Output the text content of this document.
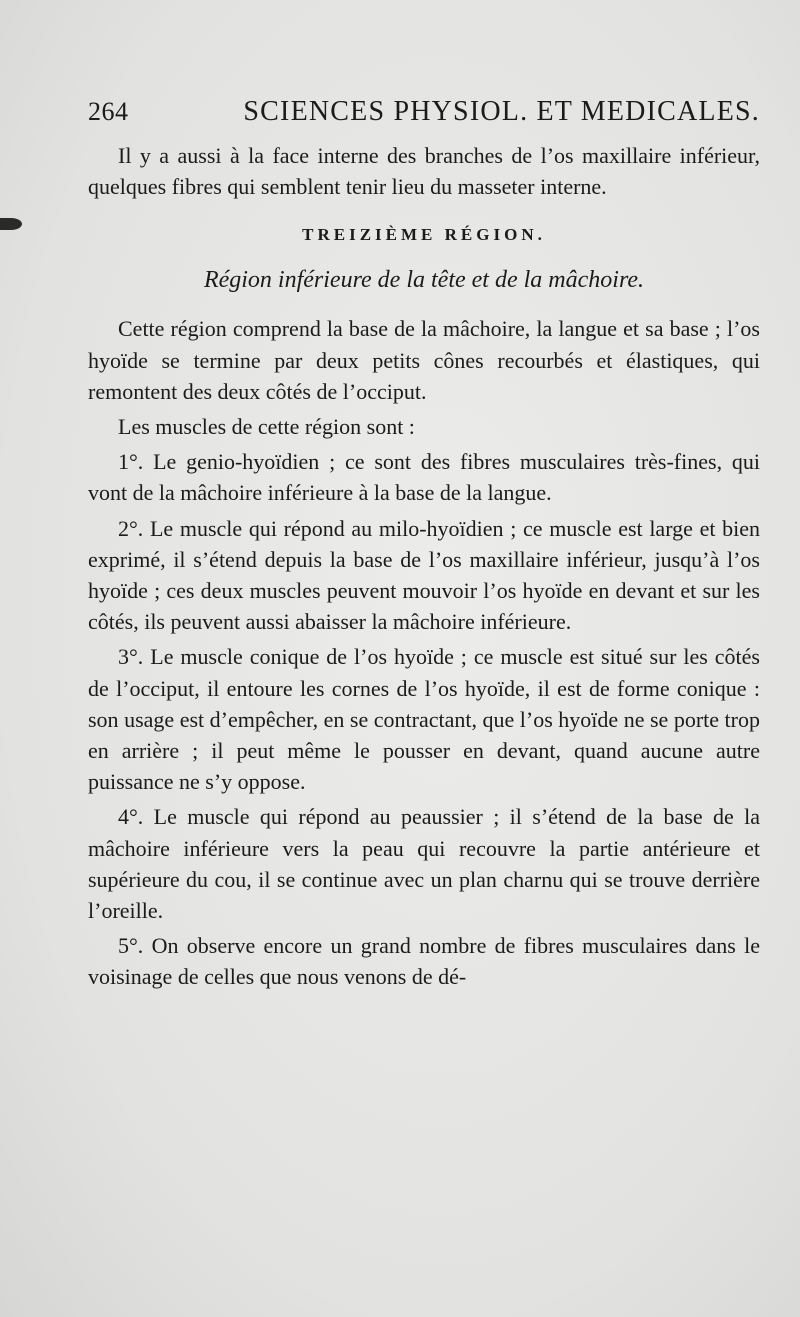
264	SCIENCES PHYSIOL. ET MEDICALES.

Il y a aussi à la face interne des branches de l’os maxillaire inférieur, quelques fibres qui semblent tenir lieu du masseter interne.

TREIZIÈME RÉGION.
Région inférieure de la tête et de la mâchoire.

Cette région comprend la base de la mâchoire, la langue et sa base ; l’os hyoïde se termine par deux petits cônes recourbés et élastiques, qui remontent des deux côtés de l’occiput.

Les muscles de cette région sont :

1°. Le genio-hyoïdien ; ce sont des fibres musculaires très-fines, qui vont de la mâchoire inférieure à la base de la langue.

2°. Le muscle qui répond au milo-hyoïdien ; ce muscle est large et bien exprimé, il s’étend depuis la base de l’os maxillaire inférieur, jusqu’à l’os hyoïde ; ces deux muscles peuvent mouvoir l’os hyoïde en devant et sur les côtés, ils peuvent aussi abaisser la mâchoire inférieure.

3°. Le muscle conique de l’os hyoïde ; ce muscle est situé sur les côtés de l’occiput, il entoure les cornes de l’os hyoïde, il est de forme conique : son usage est d’empêcher, en se contractant, que l’os hyoïde ne se porte trop en arrière ; il peut même le pousser en devant, quand aucune autre puissance ne s’y oppose.

4°. Le muscle qui répond au peaussier ; il s’étend de la base de la mâchoire inférieure vers la peau qui recouvre la partie antérieure et supérieure du cou, il se continue avec un plan charnu qui se trouve derrière l’oreille.

5°. On observe encore un grand nombre de fibres musculaires dans le voisinage de celles que nous venons de dé-
